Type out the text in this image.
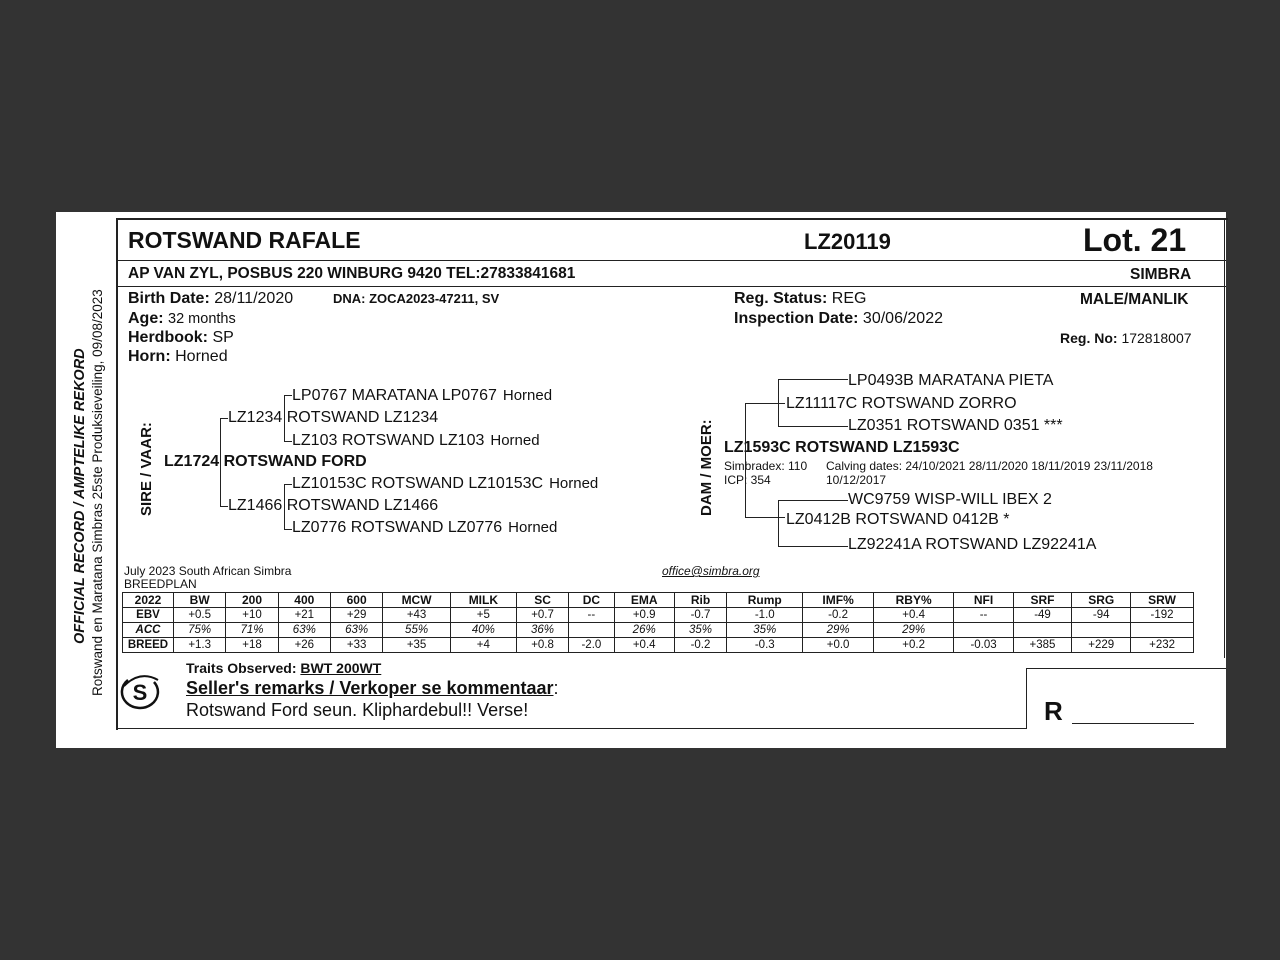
OFFICIAL RECORD / AMPTELIKE REKORD Rotswand en Maratana Simbras 25ste Produksieveiling, 09/08/2023
ROTSWAND RAFALE	LZ20119	Lot. 21
AP VAN ZYL, POSBUS 220 WINBURG 9420 TEL:27833841681	SIMBRA
Birth Date: 28/11/2020	DNA: ZOCA2023-47211, SV
Age: 32 months
Herdbook: SP
Horn: Horned
Reg. Status: REG
Inspection Date: 30/06/2022
MALE/MANLIK
Reg. No: 172818007
SIRE / VAAR: LZ1724 ROTSWAND FORD
LZ1234 ROTSWAND LZ1234
LZ1466 ROTSWAND LZ1466
LP0767 MARATANA LP0767 Horned
LZ103 ROTSWAND LZ103 Horned
LZ10153C ROTSWAND LZ10153C Horned
LZ0776 ROTSWAND LZ0776 Horned
DAM / MOER: LZ1593C ROTSWAND LZ1593C
Simbradex: 110
ICP: 354
Calving dates: 24/10/2021 28/11/2020 18/11/2019 23/11/2018
10/12/2017
LZ11117C ROTSWAND ZORRO
LZ0412B ROTSWAND 0412B *
LP0493B MARATANA PIETA
LZ0351 ROTSWAND 0351 ***
WC9759 WISP-WILL IBEX 2
LZ92241A ROTSWAND LZ92241A
July 2023 South African Simbra
BREEDPLAN
office@simbra.org
2022	BW	200	400	600	MCW	MILK	SC	DC	EMA	Rib	Rump	IMF%	RBY%	NFI	SRF	SRG	SRW
EBV	+0.5	+10	+21	+29	+43	+5	+0.7	--	+0.9	-0.7	-1.0	-0.2	+0.4	--	-49	-94	-192
ACC	75%	71%	63%	63%	55%	40%	36%		26%	35%	35%	29%	29%				
BREED	+1.3	+18	+26	+33	+35	+4	+0.8	-2.0	+0.4	-0.2	-0.3	+0.0	+0.2	-0.03	+385	+229	+232
Traits Observed: BWT 200WT
S Seller's remarks / Verkoper se kommentaar:
Rotswand Ford seun. Kliphardebul!! Verse!	R
